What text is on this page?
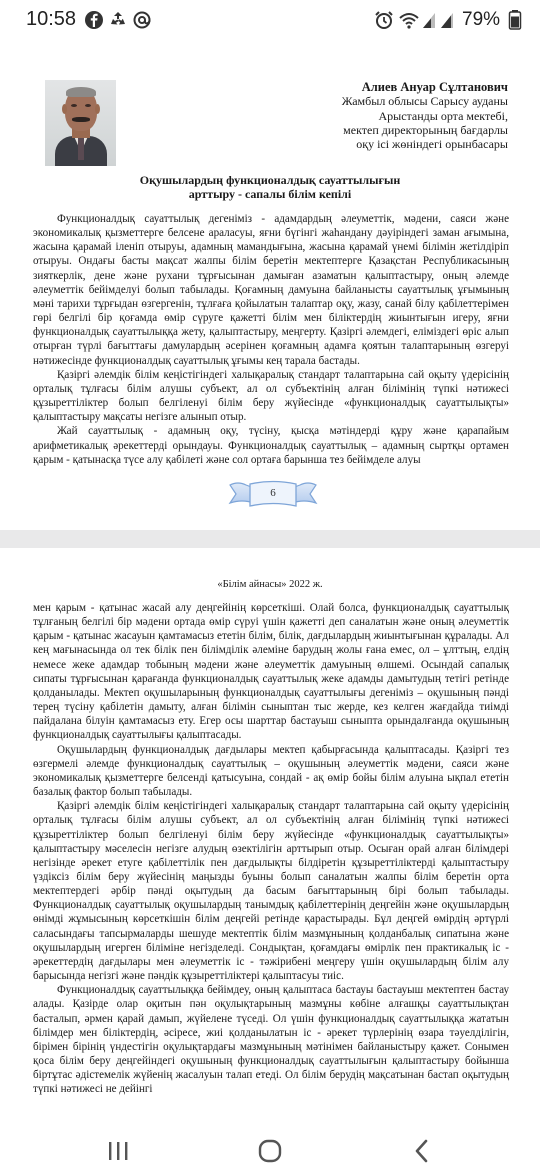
10:58	79%
Алиев Ануар Сұлтанович
Жамбыл облысы Сарысу ауданы
Арыстанды орта мектебі,
мектеп директорының бағдарлы
оқу ісі жөніндегі орынбасары
Оқушылардың функционалдық сауаттылығын
арттыру - сапалы білім кепілі

Функционалдық сауаттылық дегеніміз - адамдардың әлеуметтік, мәдени, саяси және экономикалық қызметтерге белсене араласуы, яғни бүгінгі жаһандану дәуіріндегі заман ағымына, жасына қарамай іленіп отыруы, адамның мамандығына, жасына қарамай үнемі білімін жетілдіріп отыруы. Ондағы басты мақсат жалпы білім беретін мектептерге Қазақстан Республикасының зияткерлік, дене және рухани тұрғысынан дамыған азаматын қалыптастыру, оның әлемде әлеуметтік бейімделуі болып табылады. Қоғамның дамуына байланысты сауаттылық ұғымының мәні тарихи тұрғыдан өзгергенін, тұлғаға қойылатын талаптар оқу, жазу, санай білу қабілеттерімен гөрі белгілі бір қоғамда өмір сүруге қажетті білім мен біліктердің жиынтығын игеру, яғни функционалдық сауаттылыққа жету, қалыптастыру, меңгерту. Қазіргі әлемдегі, еліміздегі өріс алып отырған түрлі бағыттағы дамулардың әсерінен қоғамның адамға қоятын талаптарының өзгеруі нәтижесінде функционалдық сауаттылық ұғымы кең тарала бастады.

Қазіргі әлемдік білім кеңістігіндегі халықаралық стандарт талаптарына сай оқыту үдерісінің орталық тұлғасы білім алушы субъект, ал ол субъектінің алған білімінің түпкі нәтижесі құзыреттіліктер болып белгіленуі білім беру жүйесінде «функционалдық сауаттылықты» қалыптастыру мақсаты негізге алынып отыр.

Жай сауаттылық - адамның оқу, түсіну, қысқа мәтіндерді құру және қарапайым арифметикалық әрекеттерді орындауы. Функционалдық сауаттылық – адамның сыртқы ортамен қарым - қатынасқа түсе алу қабілеті және сол ортаға барынша тез бейімделе алуы

6
«Білім айнасы» 2022 ж.

мен қарым - қатынас жасай алу деңгейінің көрсеткіші. Олай болса, функционалдық сауаттылық тұлғаның белгілі бір мәдени ортада өмір сүруі үшін қажетті деп саналатын және оның әлеуметтік қарым - қатынас жасауын қамтамасыз ететін білім, білік, дағдылардың жиынтығынан құралады. Ал кең мағынасында ол тек білік пен білімділік әлеміне барудың жолы ғана емес, ол – ұлттың, елдің немесе жеке адамдар тобының мәдени және әлеуметтік дамуының өлшемі. Осындай сапалық сипаты тұрғысынан қарағанда функционалдық сауаттылық жеке адамды дамытудың тетігі ретінде қолданылады. Мектеп оқушыларының функционалдық сауаттылығы дегеніміз – оқушының пәнді терең түсіну қабілетін дамыту, алған білімін сыныптан тыс жерде, кез келген жағдайда тиімді пайдалана білуін қамтамасыз ету. Егер осы шарттар бастауыш сыныпта орындалғанда оқушының функционалдық сауаттылығы қалыптасады.

Оқушылардың функционалдық дағдылары мектеп қабырғасында қалыптасады. Қазіргі тез өзгермелі әлемде функционалдық сауаттылық – оқушының әлеуметтік мәдени, саяси және экономикалық қызметтерге белсенді қатысуына, сондай - ақ өмір бойы білім алуына ықпал ететін базалық фактор болып табылады.

Қазіргі әлемдік білім кеңістігіндегі халықаралық стандарт талаптарына сай оқыту үдерісінің орталық тұлғасы білім алушы субъект, ал ол субъектінің алған білімінің түпкі нәтижесі құзыреттіліктер болып белгіленуі білім беру жүйесінде «функционалдық сауаттылықты» қалыптастыру мәселесін негізге алудың өзектілігін арттырып отыр. Осыған орай алған білімдері негізінде әрекет етуге қабілеттілік пен дағдылықты білдіретін құзыреттіліктерді қалыптастыру үздіксіз білім беру жүйесінің маңызды буыны болып саналатын жалпы білім беретін орта мектептердегі әрбір пәнді оқытудың да басым бағыттарының бірі болып табылады. Функционалдық сауаттылық оқушылардың танымдық қабілеттерінің деңгейін және оқушылардың өнімді жұмысының көрсеткішін білім деңгейі ретінде қарастырады. Бұл деңгей өмірдің әртүрлі саласындағы тапсырмаларды шешуде мектептік білім мазмұнының қолданбалық сипатына және оқушылардың игерген біліміне негізделеді. Сондықтан, қоғамдағы өмірлік пен практикалық іс - әрекеттердің дағдылары мен әлеуметтік іс - тәжірибені меңгеру үшін оқушылардың білім алу барысында негізгі және пәндік құзыреттіліктері қалыптасуы тиіс.

Функционалдық сауаттылыққа бейімдеу, оның қалыптаса бастауы бастауыш мектептен бастау алады. Қазірде олар оқитын пән оқулықтарының мазмұны көбіне алғашқы сауаттылықтан басталып, әрмен қарай дамып, жүйелене түседі. Ол үшін функционалдық сауаттылыққа жататын білімдер мен біліктердің, әсіресе, жиі қолданылатын іс - әрекет түрлерінің өзара тәуелділігін, бірімен бірінің үндестігін оқулықтардағы мазмұнының мәтінімен байланыстыру қажет. Сонымен қоса білім беру деңгейіндегі оқушының функционалдық сауаттылығын қалыптастыру бойынша біртұтас әдістемелік жүйенің жасалуын талап етеді. Ол білім берудің мақсатынан бастап оқытудың түпкі нәтижесі не дейінгі
